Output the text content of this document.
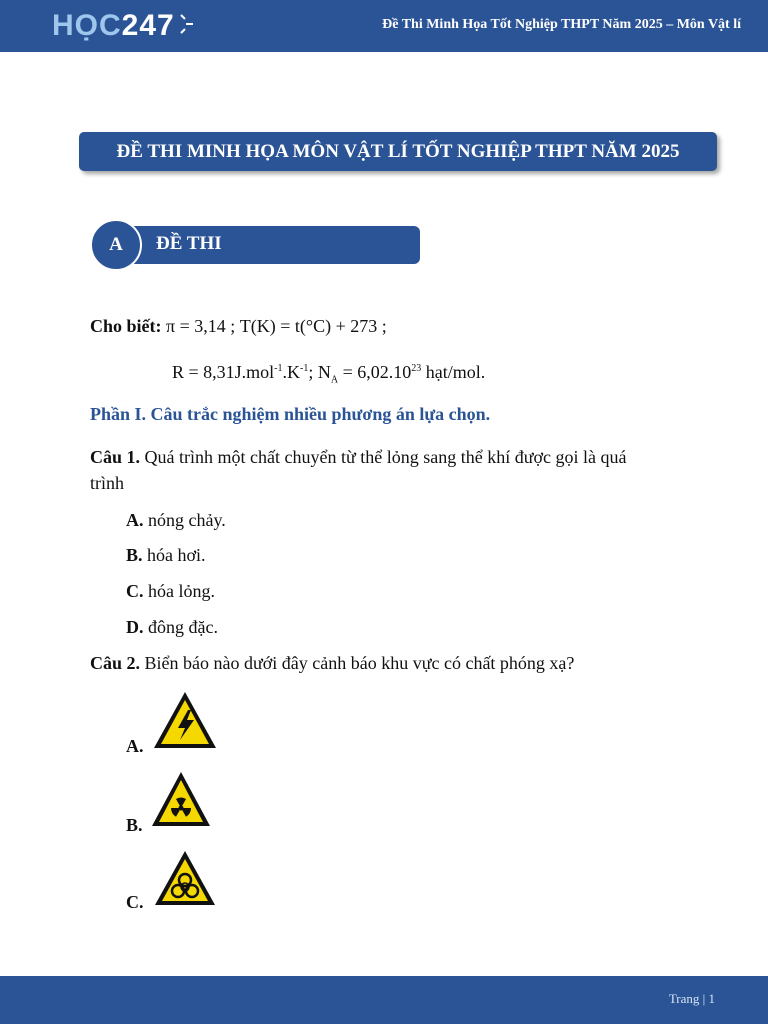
HỌC 247	Đề Thi Minh Họa Tốt Nghiệp THPT Năm 2025 – Môn Vật lí
ĐỀ THI MINH HỌA MÔN VẬT LÍ TỐT NGHIỆP THPT NĂM 2025
A	ĐỀ THI
Cho biết: π = 3,14 ; T(K) = t(°C) + 273 ;
$R = 8,31J.mol^{-1}.K^{-1}$; $N_A = 6,02.10^{23}$ hạt/mol.
Phần I. Câu trắc nghiệm nhiều phương án lựa chọn.
Câu 1. Quá trình một chất chuyển từ thể lỏng sang thể khí được gọi là quá
trình
A. nóng chảy.
B. hóa hơi.
C. hóa lỏng.
D. đông đặc.
Câu 2. Biển báo nào dưới đây cảnh báo khu vực có chất phóng xạ?
A.
B.
C.
Trang | 1
